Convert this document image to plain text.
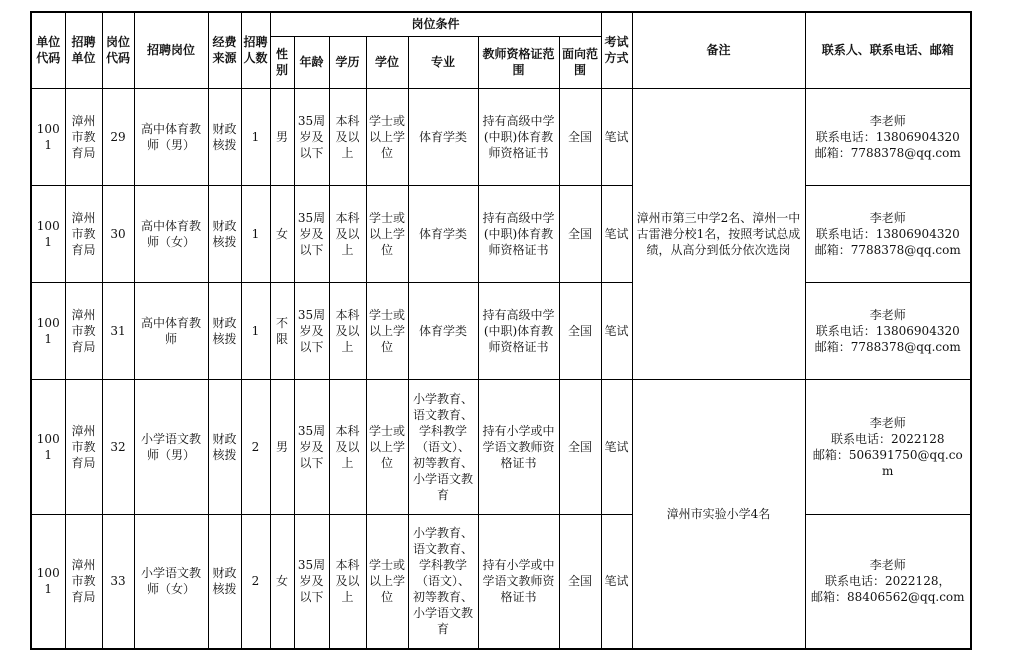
单位代码	招聘单位	岗位代码	招聘岗位	经费来源	招聘人数	岗位条件							考试方式	备注	联系人、联系电话、邮箱
						性别	年龄	学历	学位	专业	教师资格证范围	面向范围			
1001	漳州市教育局	29	高中体育教师（男）	财政核拨	1	男	35周岁及以下	本科及以上	学士或以上学位	体育学类	持有高级中学(中职)体育教师资格证书	全国	笔试	漳州市第三中学2名、漳州一中古雷港分校1名，按照考试总成绩，从高分到低分依次选岗	李老师
联系电话：13806904320
邮箱：7788378@qq.com

1001	漳州市教育局	30	高中体育教师（女）	财政核拨	1	女	35周岁及以下	本科及以上	学士或以上学位	体育学类	持有高级中学(中职)体育教师资格证书	全国	笔试		李老师
联系电话：13806904320
邮箱：7788378@qq.com

1001	漳州市教育局	31	高中体育教师	财政核拨	1	不限	35周岁及以下	本科及以上	学士或以上学位	体育学类	持有高级中学(中职)体育教师资格证书	全国	笔试		李老师
联系电话：13806904320
邮箱：7788378@qq.com

1001	漳州市教育局	32	小学语文教师（男）	财政核拨	2	男	35周岁及以下	本科及以上	学士或以上学位	小学教育、语文教育、学科教学（语文）、初等教育、小学语文教育	持有小学或中学语文教师资格证书	全国	笔试	漳州市实验小学4名	李老师
联系电话：2022128
邮箱：506391750@qq.com

1001	漳州市教育局	33	小学语文教师（女）	财政核拨	2	女	35周岁及以下	本科及以上	学士或以上学位	小学教育、语文教育、学科教学（语文）、初等教育、小学语文教育	持有小学或中学语文教师资格证书	全国	笔试		李老师
联系电话：2022128，
邮箱：88406562@qq.com
